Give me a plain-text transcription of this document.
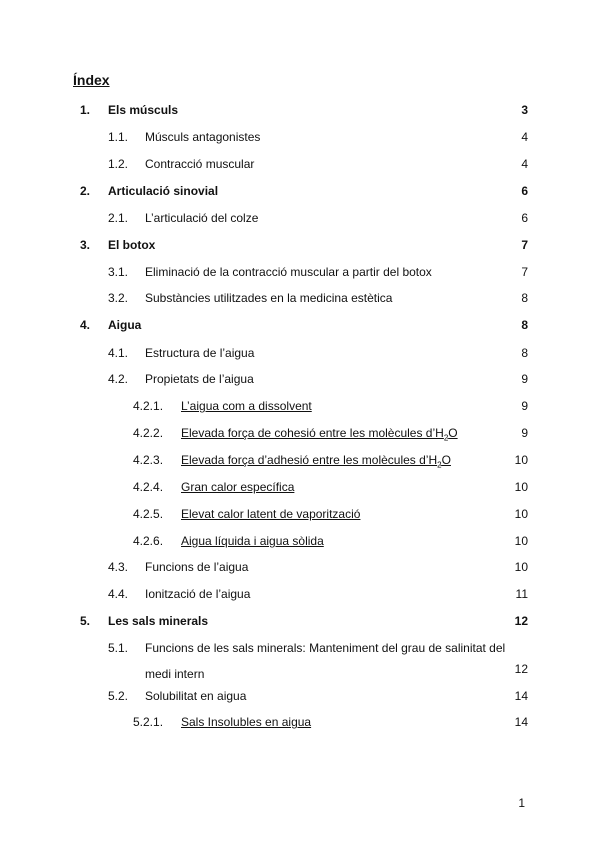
Índex
1. Els músculs	3
1.1. Músculs antagonistes	4
1.2. Contracció muscular	4
2. Articulació sinovial	6
2.1. L’articulació del colze	6
3. El botox	7
3.1. Eliminació de la contracció muscular a partir del botox	7
3.2. Substàncies utilitzades en la medicina estètica	8
4. Aigua	8
4.1. Estructura de l’aigua	8
4.2. Propietats de l’aigua	9
4.2.1. L’aigua com a dissolvent	9
4.2.2. Elevada força de cohesió entre les molècules $d’H_2O$	9
4.2.3. Elevada força d’adhesió entre les molècules $d’H_2O$	10
4.2.4. Gran calor específica	10
4.2.5. Elevat calor latent de vaporització	10
4.2.6. Aigua líquida i aigua sòlida	10
4.3. Funcions de l’aigua	10
4.4. Ionització de l’aigua	11
5. Les sals minerals	12
5.1. Funcions de les sals minerals: Manteniment del grau de salinitat del medi intern	12
5.2. Solubilitat en aigua	14
5.2.1. Sals Insolubles en aigua	14
1
